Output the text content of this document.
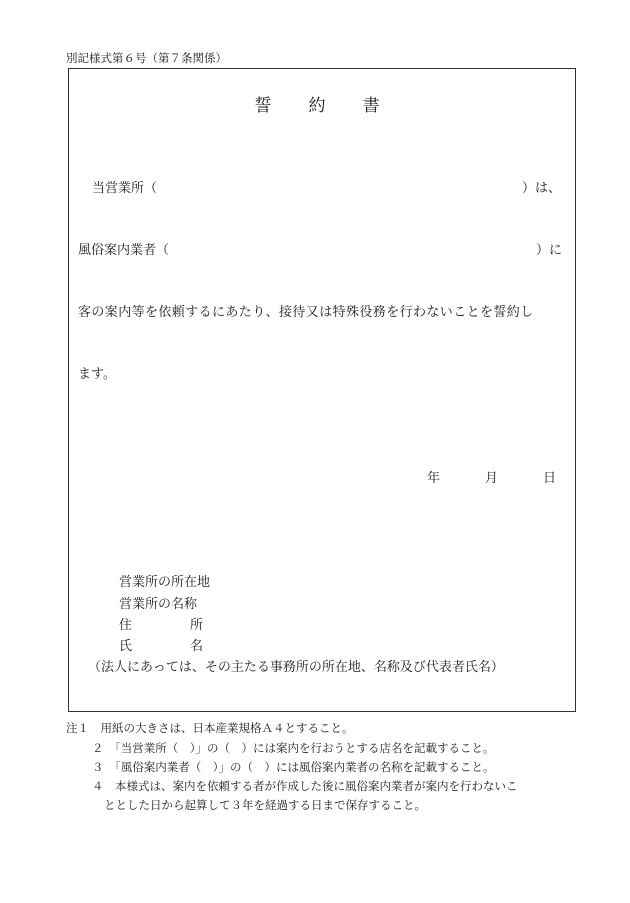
別記様式第６号（第７条関係）
誓　約　書
当営業所（	）は、
風俗案内業者（	）に
客の案内等を依頼するにあたり、接待又は特殊役務を行わないことを誓約し
ます。
年	月	日
営業所の所在地
営業所の名称
住所
氏名
（法人にあっては、その主たる事務所の所在地、名称及び代表者氏名）
注１　用紙の大きさは、日本産業規格Ａ４とすること。
２　「当営業所（　）」の（　）には案内を行おうとする店名を記載すること。
３　「風俗案内業者（　）」の（　）には風俗案内業者の名称を記載すること。
４　本様式は、案内を依頼する者が作成した後に風俗案内業者が案内を行わないこ
ととした日から起算して３年を経過する日まで保存すること。
